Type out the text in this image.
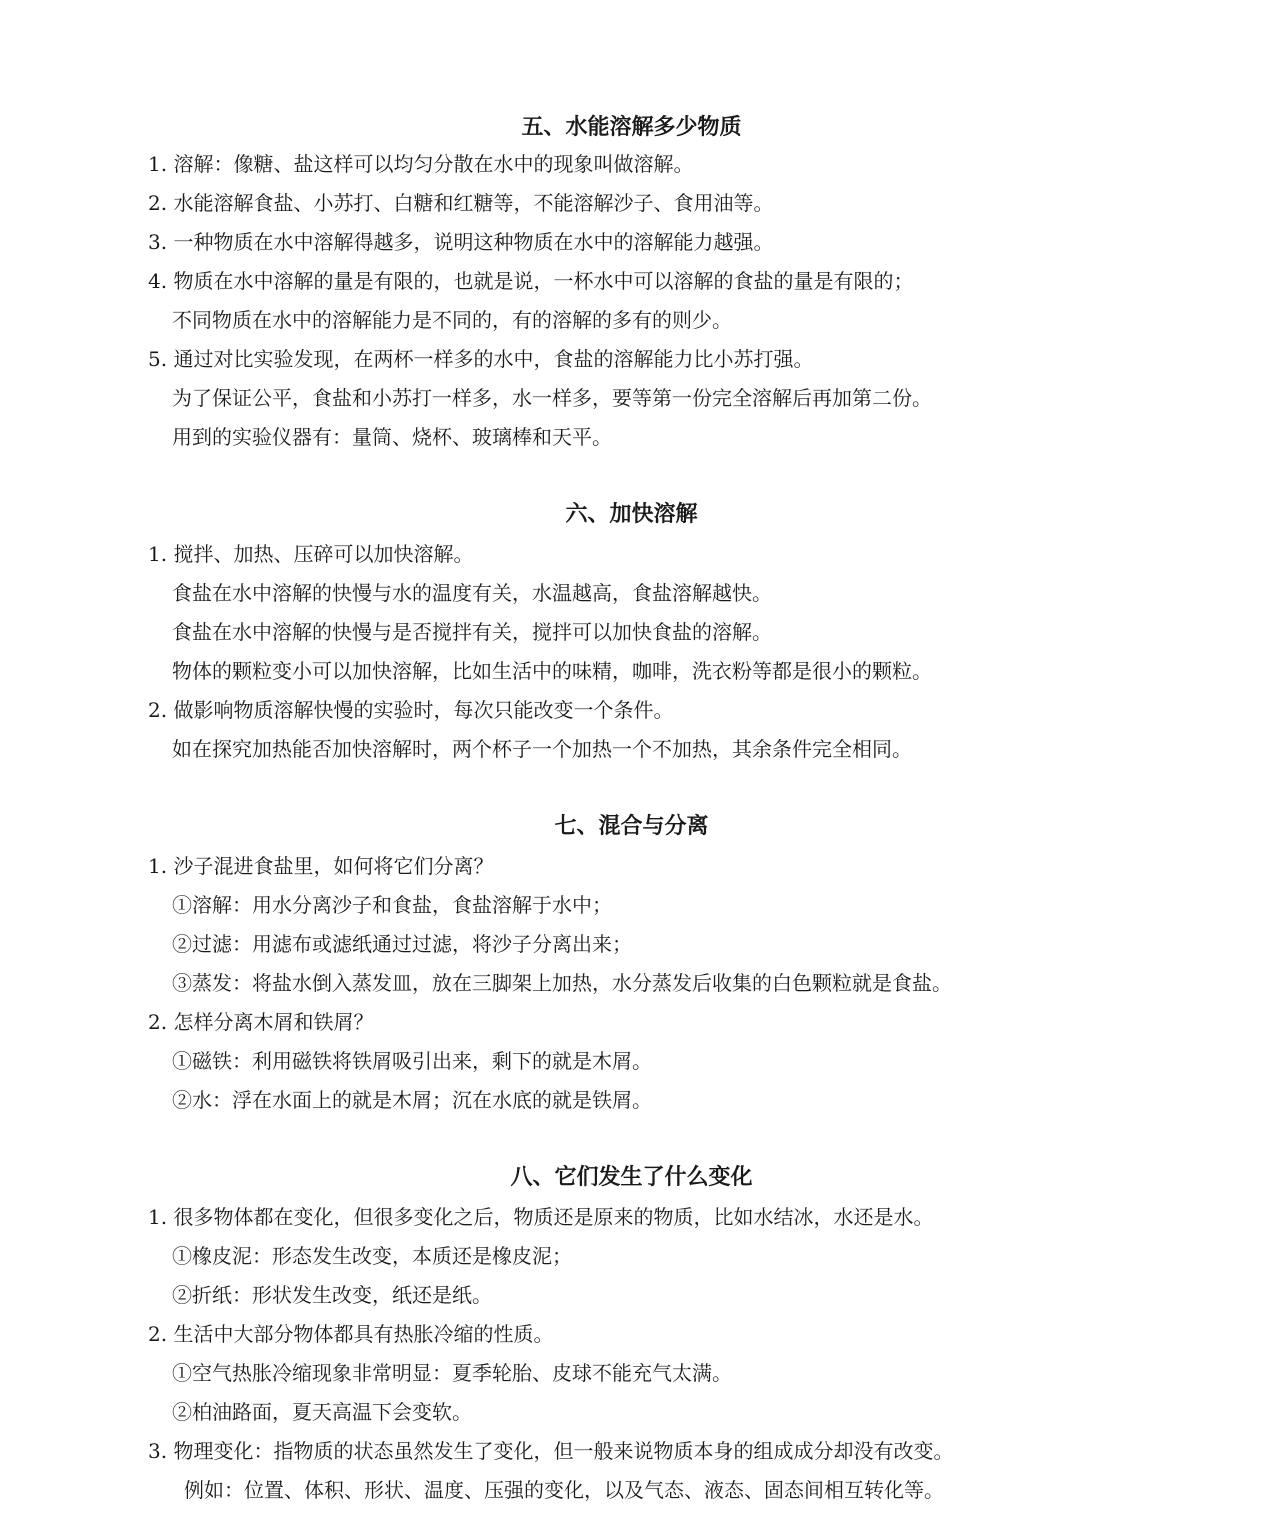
五、水能溶解多少物质
1. 溶解：像糖、盐这样可以均匀分散在水中的现象叫做溶解。
2. 水能溶解食盐、小苏打、白糖和红糖等，不能溶解沙子、食用油等。
3. 一种物质在水中溶解得越多，说明这种物质在水中的溶解能力越强。
4. 物质在水中溶解的量是有限的，也就是说，一杯水中可以溶解的食盐的量是有限的；
不同物质在水中的溶解能力是不同的，有的溶解的多有的则少。
5. 通过对比实验发现，在两杯一样多的水中，食盐的溶解能力比小苏打强。
为了保证公平，食盐和小苏打一样多，水一样多，要等第一份完全溶解后再加第二份。
用到的实验仪器有：量筒、烧杯、玻璃棒和天平。
六、加快溶解
1. 搅拌、加热、压碎可以加快溶解。
食盐在水中溶解的快慢与水的温度有关，水温越高，食盐溶解越快。
食盐在水中溶解的快慢与是否搅拌有关，搅拌可以加快食盐的溶解。
物体的颗粒变小可以加快溶解，比如生活中的味精，咖啡，洗衣粉等都是很小的颗粒。
2. 做影响物质溶解快慢的实验时，每次只能改变一个条件。
如在探究加热能否加快溶解时，两个杯子一个加热一个不加热，其余条件完全相同。
七、混合与分离
1. 沙子混进食盐里，如何将它们分离？
①溶解：用水分离沙子和食盐，食盐溶解于水中；
②过滤：用滤布或滤纸通过过滤，将沙子分离出来；
③蒸发：将盐水倒入蒸发皿，放在三脚架上加热，水分蒸发后收集的白色颗粒就是食盐。
2. 怎样分离木屑和铁屑？
①磁铁：利用磁铁将铁屑吸引出来，剩下的就是木屑。
②水：浮在水面上的就是木屑；沉在水底的就是铁屑。
八、它们发生了什么变化
1. 很多物体都在变化，但很多变化之后，物质还是原来的物质，比如水结冰，水还是水。
①橡皮泥：形态发生改变，本质还是橡皮泥；
②折纸：形状发生改变，纸还是纸。
2. 生活中大部分物体都具有热胀冷缩的性质。
①空气热胀冷缩现象非常明显：夏季轮胎、皮球不能充气太满。
②柏油路面，夏天高温下会变软。
3. 物理变化：指物质的状态虽然发生了变化，但一般来说物质本身的组成成分却没有改变。
例如：位置、体积、形状、温度、压强的变化，以及气态、液态、固态间相互转化等。
